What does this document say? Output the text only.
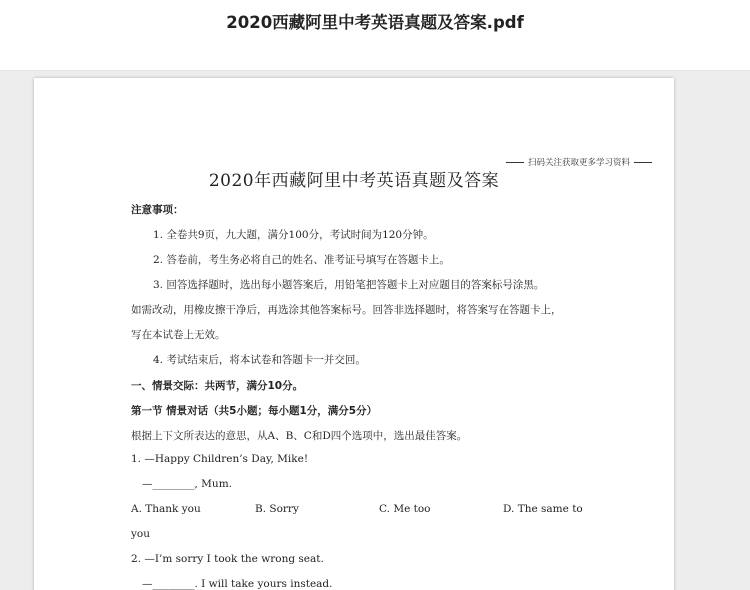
2020西藏阿里中考英语真题及答案.pdf
扫码关注获取更多学习资料
2020年西藏阿里中考英语真题及答案
注意事项：
1. 全卷共9页，九大题，满分100分，考试时间为120分钟。
2. 答卷前，考生务必将自己的姓名、准考证号填写在答题卡上。
3. 回答选择题时，选出每小题答案后，用铅笔把答题卡上对应题目的答案标号涂黑。
如需改动，用橡皮擦干净后，再选涂其他答案标号。回答非选择题时，将答案写在答题卡上，
写在本试卷上无效。
4. 考试结束后，将本试卷和答题卡一并交回。
一、情景交际：共两节，满分10分。
第一节 情景对话（共5小题；每小题1分，满分5分）
根据上下文所表达的意思，从A、B、C和D四个选项中，选出最佳答案。
1. —Happy Children’s Day, Mike!
—________, Mum.
A. Thank you	B. Sorry	C. Me too	D. The same to
you
2. —I’m sorry I took the wrong seat.
—________. I will take yours instead.
